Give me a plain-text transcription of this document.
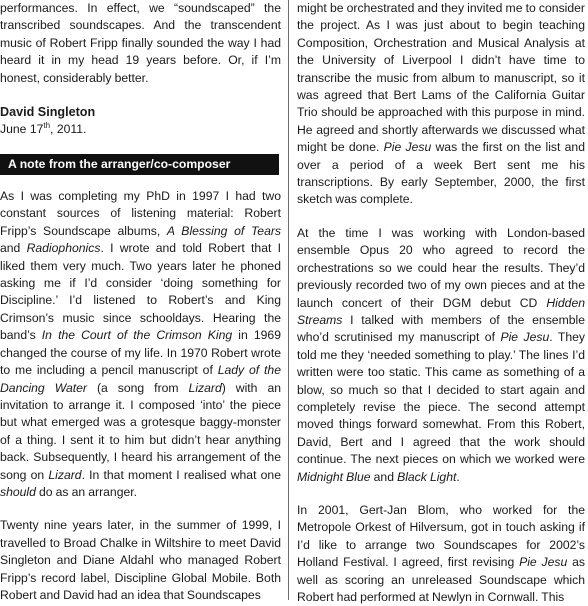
performances. In effect, we “soundscaped” the transcribed soundscapes. And the transcendent music of Robert Fripp finally sounded the way I had heard it in my head 19 years before. Or, if I’m honest, considerably better.

David Singleton
June 17th, 2011.
A note from the arranger/co-composer

As I was completing my PhD in 1997 I had two constant sources of listening material: Robert Fripp’s Soundscape albums, A Blessing of Tears and Radiophonics. I wrote and told Robert that I liked them very much. Two years later he phoned asking me if I’d consider ‘doing something for Discipline.’ I’d listened to Robert’s and King Crimson’s music since schooldays. Hearing the band’s In the Court of the Crimson King in 1969 changed the course of my life. In 1970 Robert wrote to me including a pencil manuscript of Lady of the Dancing Water (a song from Lizard) with an invitation to arrange it. I composed ‘into’ the piece but what emerged was a grotesque baggy-monster of a thing. I sent it to him but didn’t hear anything back. Subsequently, I heard his arrangement of the song on Lizard. In that moment I realised what one should do as an arranger.

Twenty nine years later, in the summer of 1999, I travelled to Broad Chalke in Wiltshire to meet David Singleton and Diane Aldahl who managed Robert Fripp’s record label, Discipline Global Mobile. Both Robert and David had an idea that Soundscapes

might be orchestrated and they invited me to consider the project. As I was just about to begin teaching Composition, Orchestration and Musical Analysis at the University of Liverpool I didn’t have time to transcribe the music from album to manuscript, so it was agreed that Bert Lams of the California Guitar Trio should be approached with this purpose in mind. He agreed and shortly afterwards we discussed what might be done. Pie Jesu was the first on the list and over a period of a week Bert sent me his transcriptions. By early September, 2000, the first sketch was complete.

At the time I was working with London-based ensemble Opus 20 who agreed to record the orchestrations so we could hear the results. They’d previously recorded two of my own pieces and at the launch concert of their DGM debut CD Hidden Streams I talked with members of the ensemble who’d scrutinised my manuscript of Pie Jesu. They told me they ‘needed something to play.’ The lines I’d written were too static. This came as something of a blow, so much so that I decided to start again and completely revise the piece. The second attempt moved things forward somewhat. From this Robert, David, Bert and I agreed that the work should continue. The next pieces on which we worked were Midnight Blue and Black Light.

In 2001, Gert-Jan Blom, who worked for the Metropole Orkest of Hilversum, got in touch asking if I’d like to arrange two Soundscapes for 2002’s Holland Festival. I agreed, first revising Pie Jesu as well as scoring an unreleased Soundscape which Robert had performed at Newlyn in Cornwall. This
